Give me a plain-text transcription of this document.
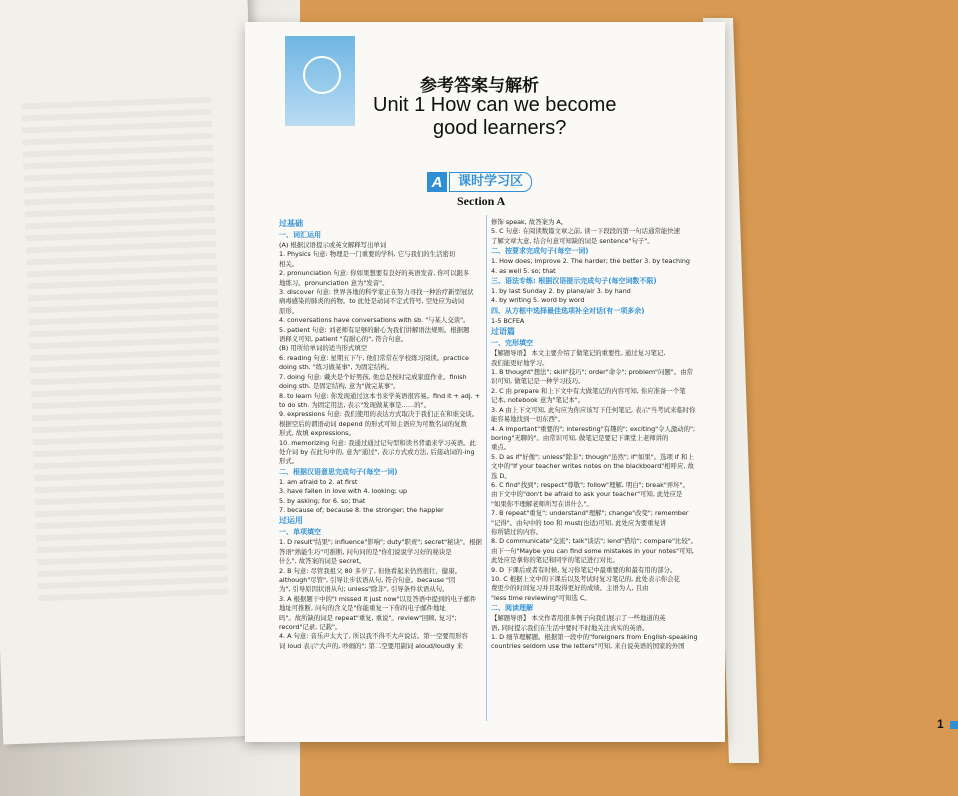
参考答案与解析
Unit 1 How can we become
good learners?
A	课时学习区
Section A
过基础
一、词汇运用
(A) 根据汉语提示或英文解释写出单词
1. Physics 句意: 物理是一门重要的学科, 它与我们的生活密切
相关。
2. pronunciation 句意: 你如果想要有良好的英语发音, 你可以跟多
地练习。pronunciation 意为"发音"。
3. discover 句意: 世界各地的科学家正在努力寻找一种治疗新型冠状
病毒感染的肺炎的药物。to 此处是动词不定式符号, 空处应为动词
原形。
4. conversations have conversations with sb. "与某人交谈"。
5. patient 句意: 刘老师有足够的耐心为我们讲解语法规则。根据题
语释义可知, patient "有耐心的", 符合句意。
(B) 用所给单词的适当形式填空
6. reading 句意: 星期五下午, 他们常常在学校练习阅读。practice
doing sth. "练习做某事", 为固定结构。
7. doing 句意: 戴夫是个好男孩, 他总是按时完成家庭作业。finish
doing sth. 是固定结构, 意为"做完某事"。
8. to learn 句意: 你发现通过这本书来学英语很容易。find it + adj. +
to do sth. 为固定用法, 表示"发现做某事是……的"。
9. expressions 句意: 我们使用的表达方式取决于我们正在和谁交谈。
根据空后的谓语动词 depend 的形式可知主语应为可数名词的复数
形式, 故填 expressions。
10. memorizing 句意: 我通过通过记句型和读书背诵来学习英语。此
处介词 by 在此句中的, 意为"通过", 表示方式或方法, 后接动词的-ing
形式。
二、根据汉语意思完成句子(每空一词)
1. am afraid to 2. at first
3. have fallen in love with 4. looking; up
5. by asking; for 6. so; that
7. because of; because 8. the stronger; the happier
过运用
一、单项填空
1. D result"结果"; influence"影响"; duty"职责"; secret"秘诀"。根据
答语"熟能生巧"可推断, 问句问的是"你们说说学习好的秘诀是
什么", 故答案的词是 secret。
2. B 句意: 尽管我祖父 80 多岁了, 但他看起来仍然很壮、健康。
although"尽管", 引导让步状语从句, 符合句意。because "因
为", 引导原因状语从句; unless"除非", 引导条件状语从句。
3. A 根据题干中的"I missed it just now"以及答语中提到的电子邮件
地址可推断, 问句的含义是"你能重复一下你的电子邮件地址
吗"。故所缺的词是 repeat"重复, 重说"。review"回顾, 复习";
record"记录, 记载"。
4. A 句意: 音乐声太大了, 所以我不得不大声说话。第一空要用形容
词 loud 表示"大声的, 吵闹的"; 第二空要用副词 aloud/loudly 来
修饰 speak, 故答案为 A。
5. C 句意: 在阅读数篇文章之前, 读一下段段的第一句话通常能快速
了解文章大意, 结合句意可知缺的词是 sentence"句子"。
二、按要求完成句子(每空一词)
1. How does; improve 2. The harder; the better 3. by teaching
4. as well 5. so; that
三、语法专练: 根据汉语提示完成句子(每空词数不限)
1. by last Sunday 2. by plane/air 3. by hand
4. by writing 5. word by word
四、从方框中选择最佳选项补全对话(有一项多余)
1-5 BCFEA
过语篇
一、完形填空
【解题导语】 本文主要介绍了做笔记的重要性, 通过复习笔记,
我们能更好地学习。
1. B thought"想法"; skill"技巧"; order"命令"; problem"问题"。由常
识可知, 做笔记是一种学习技巧。
2. C 由 prepare 和上下文中有大做笔记的内容可知, 你应准备一个笔
记本, notebook 意为"笔记本"。
3. A 由上下文可知, 此句应为你应该写下任何笔记, 表示"当考试来临时你
能容易地找到一切东西"。
4. A important"重要的"; interesting"有趣的"; exciting"令人激动的";
boring"无聊的"。由常识可知, 做笔记是要记下课堂上老师讲的
重点。
5. D as if"好像"; unless"除非"; though"虽然"; if"如果"。选项 if 和上
文中的"If your teacher writes notes on the blackboard"相呼应, 故
选 D。
6. C find"找到"; respect"尊敬"; follow"理解, 明白"; break"弄坏"。
由下文中的"don't be afraid to ask your teacher"可知, 此处应是
"如果你不理解老师所写在讲什么"。
7. B repeat"重复"; understand"理解"; change"改变"; remember
"记得"。由句中的 too 和 must(也适)可知, 此处应为要重复讲
你所错过的内容。
8. D communicate"交流"; talk"谈话"; lend"借给"; compare"比较"。
由下一句"Maybe you can find some mistakes in your notes"可知,
此处应是拿你的笔记和同学的笔记进行对比。
9. D 下课后或者有时候, 复习你笔记中最重要的和最有用的部分。
10. C 根据上文中的下课后以及考试时复习笔记的, 此处表示你会花
费更少的时间复习并且取得更好的成绩。主语为人, 且由
"less time reviewing"可知选 C。
二、阅读理解
【解题导语】 本文作者用很多例子向我们展示了一些地道的英
语, 同时提示我们在生活中要时不时地关注真实的英语。
1. D 细节理解题。根据第一段中的"foreigners from English-speaking
countries seldom use the letters"可知, 来自说英语的国家的外国
1
